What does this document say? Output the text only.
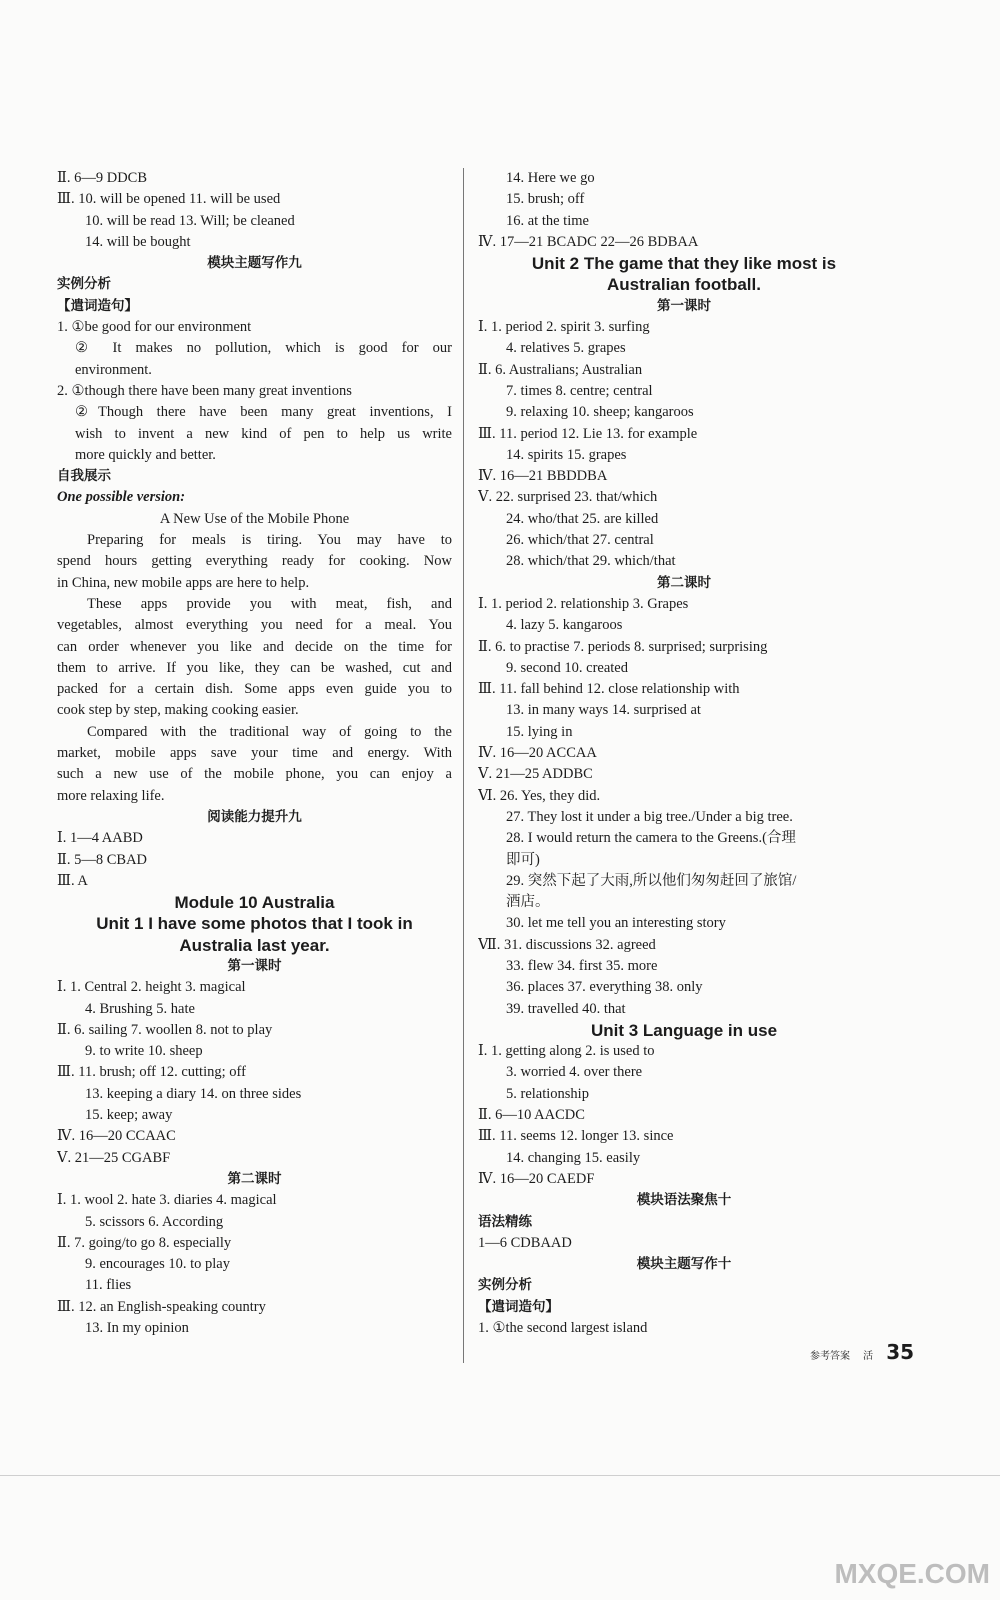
Ⅱ. 6—9 DDCB
Ⅲ. 10. will be opened 11. will be used
10. will be read 13. Will; be cleaned
14. will be bought
模块主题写作九
实例分析
【遣词造句】
1. ①be good for our environment
② It makes no pollution, which is good for our
environment.
2. ①though there have been many great inventions
②Though there have been many great inventions, I
wish to invent a new kind of pen to help us write
more quickly and better.
自我展示
One possible version:
A New Use of the Mobile Phone
Preparing for meals is tiring. You may have to
spend hours getting everything ready for cooking. Now
in China, new mobile apps are here to help.
These apps provide you with meat, fish, and
vegetables, almost everything you need for a meal. You
can order whenever you like and decide on the time for
them to arrive. If you like, they can be washed, cut and
packed for a certain dish. Some apps even guide you to
cook step by step, making cooking easier.
Compared with the traditional way of going to the
market, mobile apps save your time and energy. With
such a new use of the mobile phone, you can enjoy a
more relaxing life.
阅读能力提升九
Ⅰ. 1—4 AABD
Ⅱ. 5—8 CBAD
Ⅲ. A
Module 10 Australia
Unit 1 I have some photos that I took in
Australia last year.
第一课时
Ⅰ. 1. Central 2. height 3. magical
4. Brushing 5. hate
Ⅱ. 6. sailing 7. woollen 8. not to play
9. to write 10. sheep
Ⅲ. 11. brush; off 12. cutting; off
13. keeping a diary 14. on three sides
15. keep; away
Ⅳ. 16—20 CCAAC
Ⅴ. 21—25 CGABF
第二课时
Ⅰ. 1. wool 2. hate 3. diaries 4. magical
5. scissors 6. According
Ⅱ. 7. going/to go 8. especially
9. encourages 10. to play
11. flies
Ⅲ. 12. an English-speaking country
13. In my opinion
14. Here we go
15. brush; off
16. at the time
Ⅳ. 17—21 BCADC 22—26 BDBAA
Unit 2 The game that they like most is
Australian football.
第一课时
Ⅰ. 1. period 2. spirit 3. surfing
4. relatives 5. grapes
Ⅱ. 6. Australians; Australian
7. times 8. centre; central
9. relaxing 10. sheep; kangaroos
Ⅲ. 11. period 12. Lie 13. for example
14. spirits 15. grapes
Ⅳ. 16—21 BBDDBA
Ⅴ. 22. surprised 23. that/which
24. who/that 25. are killed
26. which/that 27. central
28. which/that 29. which/that
第二课时
Ⅰ. 1. period 2. relationship 3. Grapes
4. lazy 5. kangaroos
Ⅱ. 6. to practise 7. periods 8. surprised; surprising
9. second 10. created
Ⅲ. 11. fall behind 12. close relationship with
13. in many ways 14. surprised at
15. lying in
Ⅳ. 16—20 ACCAA
Ⅴ. 21—25 ADDBC
Ⅵ. 26. Yes, they did.
27. They lost it under a big tree./Under a big tree.
28. I would return the camera to the Greens.(合理
即可)
29. 突然下起了大雨,所以他们匆匆赶回了旅馆/
酒店。
30. let me tell you an interesting story
Ⅶ. 31. discussions 32. agreed
33. flew 34. first 35. more
36. places 37. everything 38. only
39. travelled 40. that
Unit 3 Language in use
Ⅰ. 1. getting along 2. is used to
3. worried 4. over there
5. relationship
Ⅱ. 6—10 AACDC
Ⅲ. 11. seems 12. longer 13. since
14. changing 15. easily
Ⅳ. 16—20 CAEDF
模块语法聚焦十
语法精练
1—6 CDBAAD
模块主题写作十
实例分析
【遣词造句】
1. ①the second largest island
参考答案 活 35
MXQE.COM
